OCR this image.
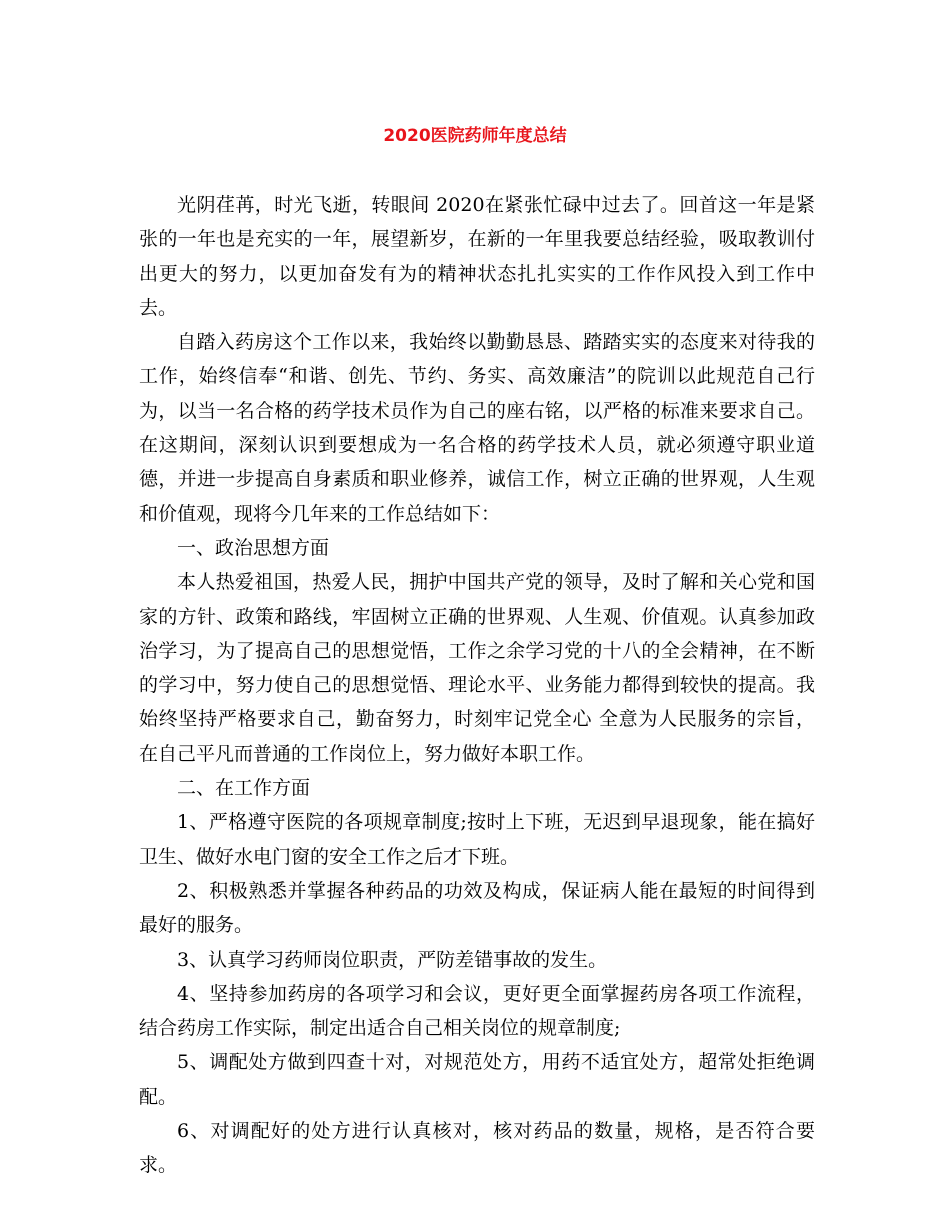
2020医院药师年度总结

光阴荏苒，时光飞逝，转眼间 2020在紧张忙碌中过去了。回首这一年是紧张的一年也是充实的一年，展望新岁，在新的一年里我要总结经验，吸取教训付出更大的努力，以更加奋发有为的精神状态扎扎实实的工作作风投入到工作中去。

自踏入药房这个工作以来，我始终以勤勤恳恳、踏踏实实的态度来对待我的工作，始终信奉“和谐、创先、节约、务实、高效廉洁”的院训以此规范自己行为，以当一名合格的药学技术员作为自己的座右铭，以严格的标准来要求自己。在这期间，深刻认识到要想成为一名合格的药学技术人员，就必须遵守职业道德，并进一步提高自身素质和职业修养，诚信工作，树立正确的世界观，人生观和价值观，现将今几年来的工作总结如下：

一、政治思想方面

本人热爱祖国，热爱人民，拥护中国共产党的领导，及时了解和关心党和国家的方针、政策和路线，牢固树立正确的世界观、人生观、价值观。认真参加政治学习，为了提高自己的思想觉悟，工作之余学习党的十八的全会精神，在不断的学习中，努力使自己的思想觉悟、理论水平、业务能力都得到较快的提高。我始终坚持严格要求自己，勤奋努力，时刻牢记党全心 全意为人民服务的宗旨， 在自己平凡而普通的工作岗位上，努力做好本职工作。

二、在工作方面

1、严格遵守医院的各项规章制度;按时上下班，无迟到早退现象，能在搞好卫生、做好水电门窗的安全工作之后才下班。

2、积极熟悉并掌握各种药品的功效及构成，保证病人能在最短的时间得到最好的服务。

3、认真学习药师岗位职责，严防差错事故的发生。

4、坚持参加药房的各项学习和会议，更好更全面掌握药房各项工作流程，结合药房工作实际，制定出适合自己相关岗位的规章制度;

5、调配处方做到四查十对，对规范处方，用药不适宜处方，超常处拒绝调配。

6、对调配好的处方进行认真核对，核对药品的数量，规格，是否符合要求。
